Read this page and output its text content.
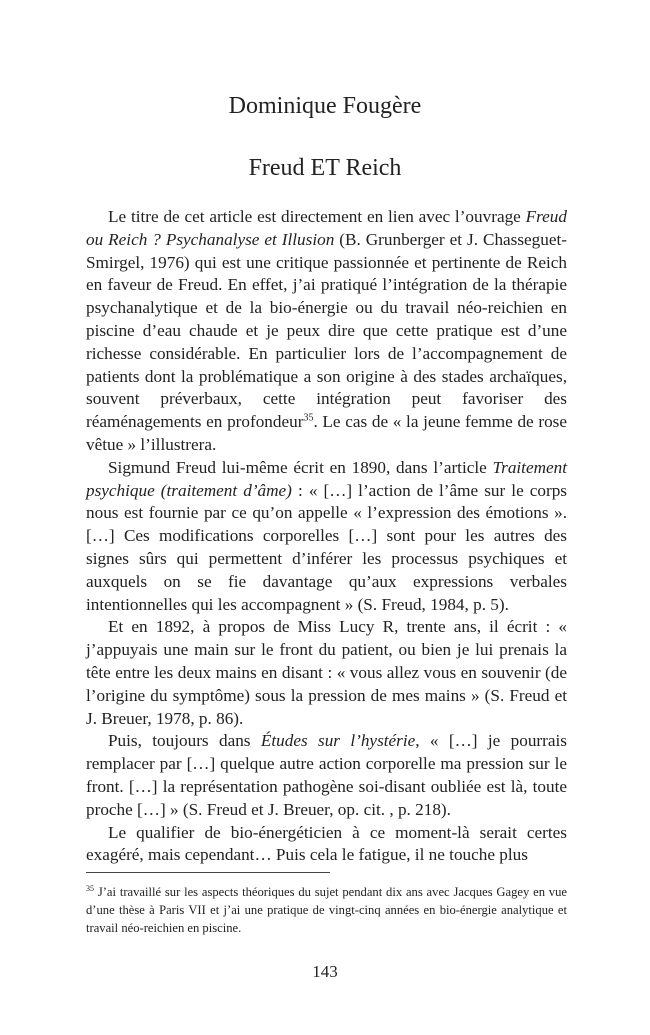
Dominique Fougère
Freud ET Reich

Le titre de cet article est directement en lien avec l’ouvrage Freud ou Reich ? Psychanalyse et Illusion (B. Grunberger et J. Chasseguet-Smirgel, 1976) qui est une critique passionnée et pertinente de Reich en faveur de Freud. En effet, j’ai pratiqué l’intégration de la thérapie psychanalytique et de la bio-énergie ou du travail néo-reichien en piscine d’eau chaude et je peux dire que cette pratique est d’une richesse considérable. En particulier lors de l’accompagnement de patients dont la problématique a son origine à des stades archaïques, souvent préverbaux, cette intégration peut favoriser des réaménagements en profondeur$^{35}$. Le cas de « la jeune femme de rose vêtue » l’illustrera.

Sigmund Freud lui-même écrit en 1890, dans l’article Traitement psychique (traitement d’âme) : « […] l’action de l’âme sur le corps nous est fournie par ce qu’on appelle « l’expression des émotions ». […] Ces modifications corporelles […] sont pour les autres des signes sûrs qui permettent d’inférer les processus psychiques et auxquels on se fie davantage qu’aux expressions verbales intentionnelles qui les accompagnent » (S. Freud, 1984, p. 5).

Et en 1892, à propos de Miss Lucy R, trente ans, il écrit : « j’appuyais une main sur le front du patient, ou bien je lui prenais la tête entre les deux mains en disant : « vous allez vous en souvenir (de l’origine du symptôme) sous la pression de mes mains » (S. Freud et J. Breuer, 1978, p. 86).

Puis, toujours dans Études sur l’hystérie, « […] je pourrais remplacer par […] quelque autre action corporelle ma pression sur le front. […] la représentation pathogène soi-disant oubliée est là, toute proche […] » (S. Freud et J. Breuer, op. cit. , p. 218).

Le qualifier de bio-énergéticien à ce moment-là serait certes exagéré, mais cependant… Puis cela le fatigue, il ne touche plus

$^{35}$ J’ai travaillé sur les aspects théoriques du sujet pendant dix ans avec Jacques Gagey en vue d’une thèse à Paris VII et j’ai une pratique de vingt-cinq années en bio-énergie analytique et travail néo-reichien en piscine.
143
